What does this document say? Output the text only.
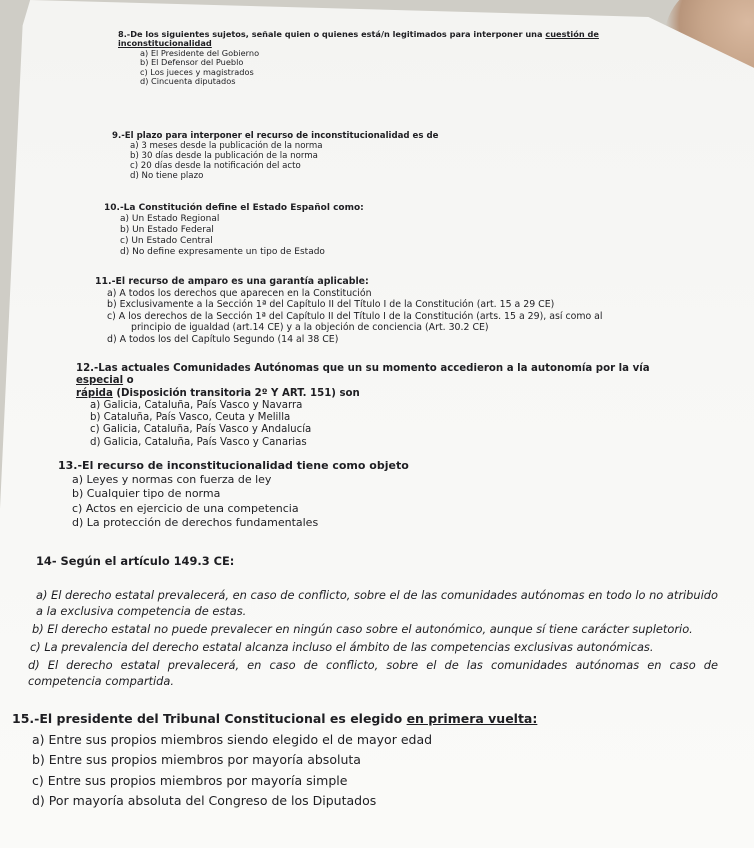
8.-De los siguientes sujetos, señale quien o quienes está/n legitimados para interponer una cuestión de inconstitucionalidad

a) El Presidente del Gobierno
b) El Defensor del Pueblo
c) Los jueces y magistrados
d) Cincuenta diputados

9.-El plazo para interponer el recurso de inconstitucionalidad es de

a) 3 meses desde la publicación de la norma
b) 30 días desde la publicación de la norma
c) 20 días desde la notificación del acto
d) No tiene plazo

10.-La Constitución define el Estado Español como:

a) Un Estado Regional
b) Un Estado Federal
c) Un Estado Central
d) No define expresamente un tipo de Estado

11.-El recurso de amparo es una garantía aplicable:

a) A todos los derechos que aparecen en la Constitución
b) Exclusivamente a la Sección 1ª del Capítulo II del Título I de la Constitución (art. 15 a 29 CE)
c) A los derechos de la Sección 1ª del Capítulo II del Título I de la Constitución (arts. 15 a 29), así como al
principio de igualdad (art.14 CE) y a la objeción de conciencia (Art. 30.2 CE)
d) A todos los del Capítulo Segundo (14 al 38 CE)

12.-Las actuales Comunidades Autónomas que un su momento accedieron a la autonomía por la vía especial o
rápida (Disposición transitoria 2º Y ART. 151) son

a) Galicia, Cataluña, País Vasco y Navarra
b) Cataluña, País Vasco, Ceuta y Melilla
c) Galicia, Cataluña, País Vasco y Andalucía
d) Galicia, Cataluña, País Vasco y Canarias

13.-El recurso de inconstitucionalidad tiene como objeto

a) Leyes y normas con fuerza de ley
b) Cualquier tipo de norma
c) Actos en ejercicio de una competencia
d) La protección de derechos fundamentales

14- Según el artículo 149.3 CE:

a) El derecho estatal prevalecerá, en caso de conflicto, sobre el de las comunidades autónomas en todo lo no atribuido a la exclusiva competencia de estas.
b) El derecho estatal no puede prevalecer en ningún caso sobre el autonómico, aunque sí tiene carácter supletorio.
c) La prevalencia del derecho estatal alcanza incluso el ámbito de las competencias exclusivas autonómicas.
d) El derecho estatal prevalecerá, en caso de conflicto, sobre el de las comunidades autónomas en caso de competencia compartida.

15.-El presidente del Tribunal Constitucional es elegido en primera vuelta:

a) Entre sus propios miembros siendo elegido el de mayor edad
b) Entre sus propios miembros por mayoría absoluta
c) Entre sus propios miembros por mayoría simple
d) Por mayoría absoluta del Congreso de los Diputados
